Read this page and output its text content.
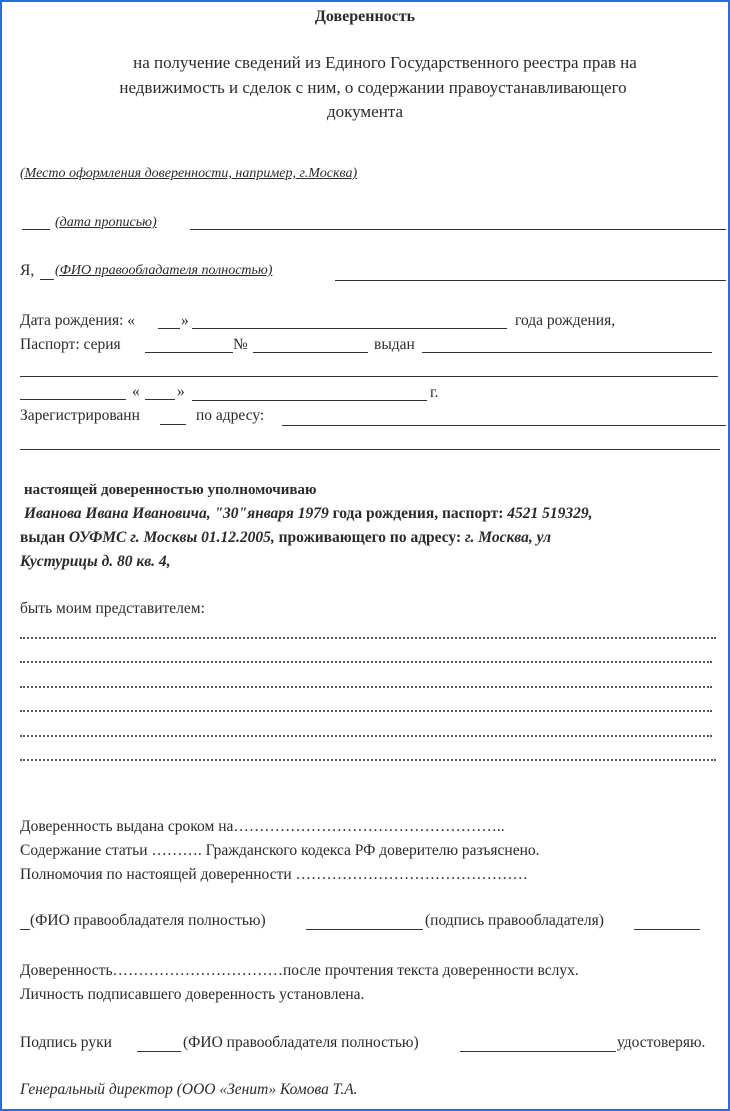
Доверенность
на получение сведений из Единого Государственного реестра прав на
недвижимость и сделок с ним, о содержании правоустанавливающего
документа
(Место оформления доверенности, например, г.Москва)
(дата прописью)
Я, (ФИО правообладателя полностью)
Дата рождения: «	»	года рождения,
Паспорт: серия	№	выдан
« »	г.
Зарегистрированн	по адресу:
настоящей доверенностью уполномочиваю
Иванова Ивана Ивановича, "30"января 1979 года рождения, паспорт: 4521 519329,
выдан ОУФМС г. Москвы 01.12.2005, проживающего по адресу: г. Москва, ул
Кустурицы д. 80 кв. 4,
быть моим представителем:
Доверенность выдана сроком на……………………………………………..
Содержание статьи ………. Гражданского кодекса РФ доверителю разъяснено.
Полномочия по настоящей доверенности ………………………………………
(ФИО правообладателя полностью)	(подпись правообладателя)
Доверенность……………………………после прочтения текста доверенности вслух.
Личность подписавшего доверенность установлена.
Подпись руки	(ФИО правообладателя полностью)	удостоверяю.
Генеральный директор (ООО «Зенит» Комова Т.А.
